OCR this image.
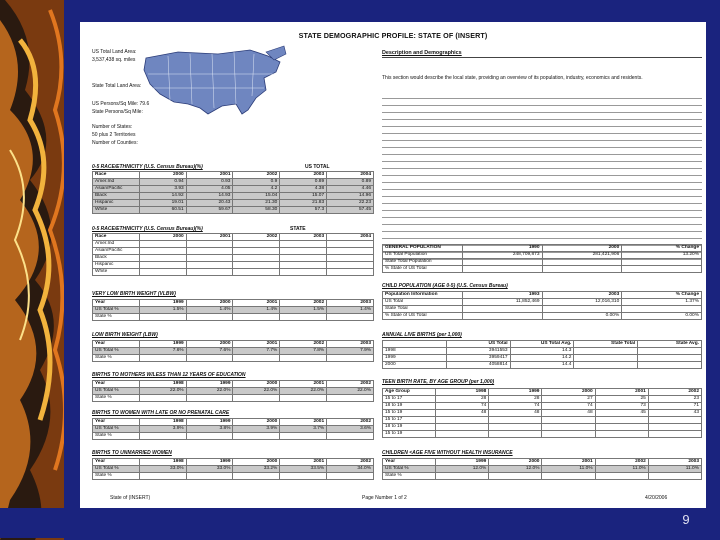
9
STATE DEMOGRAPHIC PROFILE: STATE OF (INSERT)
US Total Land Area:
3,537,438 sq. miles
State Total Land Area:
US Persons/Sq Mile: 79.6
State Persons/Sq Mile:
Number of States:
50 plus 2 Territories
Number of Counties:
Description and Demographics
This section would describe the local state, providing an overview of its population, industry, economics and residents.
0-5 RACE/ETHNICITY (U.S. Census Bureau)(%)	US TOTAL
Race	2000	2001	2002	2003	2004
Amer.Ind	0.94	0.93	0.9	0.89	0.89
Asian/Pacific	3.93	4.05	4.2	4.38	4.46
Black	14.92	14.93	15.04	15.07	14.96
Hispanic	19.01	20.43	21.30	21.83	22.23
White	60.51	59.67	58.30	57.3	57.45
0-5 RACE/ETHNICITY (U.S. Census Bureau)(%)	STATE
Race	2000	2001	2002	2003	2004
Amer.Ind					
Asian/Pacific					
Black					
Hispanic					
White					
GENERAL POPULATION	1990	2000	% Change
US Total Population	248,709,873	281,421,906	13.20%
State Total Population			
% State of US Total			
CHILD POPULATION (AGE 0-5) (U.S. Census Bureau)
Population Information	1993	2003	% Change
US Total	11,852,469	12,016,310	1.37%
State Total			
% State of US Total		0.00%	0.00%
VERY LOW BIRTH WEIGHT (VLBW)
Year	1999	2000	2001	2002	2003
US Total %	1.5%	1.4%	1.4%	1.5%	1.4%
State %					
LOW BIRTH WEIGHT (LBW)
Year	1999	2000	2001	2002	2003
US Total %	7.6%	7.6%	7.7%	7.8%	7.9%
State %					
ANNUAL LIVE BIRTHS (per 1,000)
	US Total	US Total Avg.	State Total	State Avg.
1998	3941553	14.3		
1999	3959417	14.2		
2000	4058814	14.4		
BIRTHS TO MOTHERS W/LESS THAN 12 YEARS OF EDUCATION
Year	1998	1999	2000	2001	2002
US Total %	22.0%	22.0%	22.0%	22.0%	22.0%
State %					
TEEN BIRTH RATE, BY AGE GROUP (per 1,000)
Age Group	1998	1999	2000	2001	2002
15 to 17	28	28	27	25	23
18 to 19	74	74	74	73	71
15 to 19	48	48	48	45	43
15 to 17					
18 to 19					
15 to 19					
BIRTHS TO WOMEN WITH LATE OR NO PRENATAL CARE
Year	1998	1999	2000	2001	2002
US Total %	3.9%	3.8%	3.9%	3.7%	3.6%
State %					
BIRTHS TO UNMARRIED WOMEN
Year	1998	1999	2000	2001	2002
US Total %	33.0%	33.0%	33.2%	33.5%	34.0%
State %					
CHILDREN <AGE FIVE WITHOUT HEALTH INSURANCE
Year	1999	2000	2001	2002	2003
US Total %	12.0%	12.0%	11.0%	11.0%	11.0%
State %					
State of (INSERT)	Page Number 1 of 2	4/20/2006
